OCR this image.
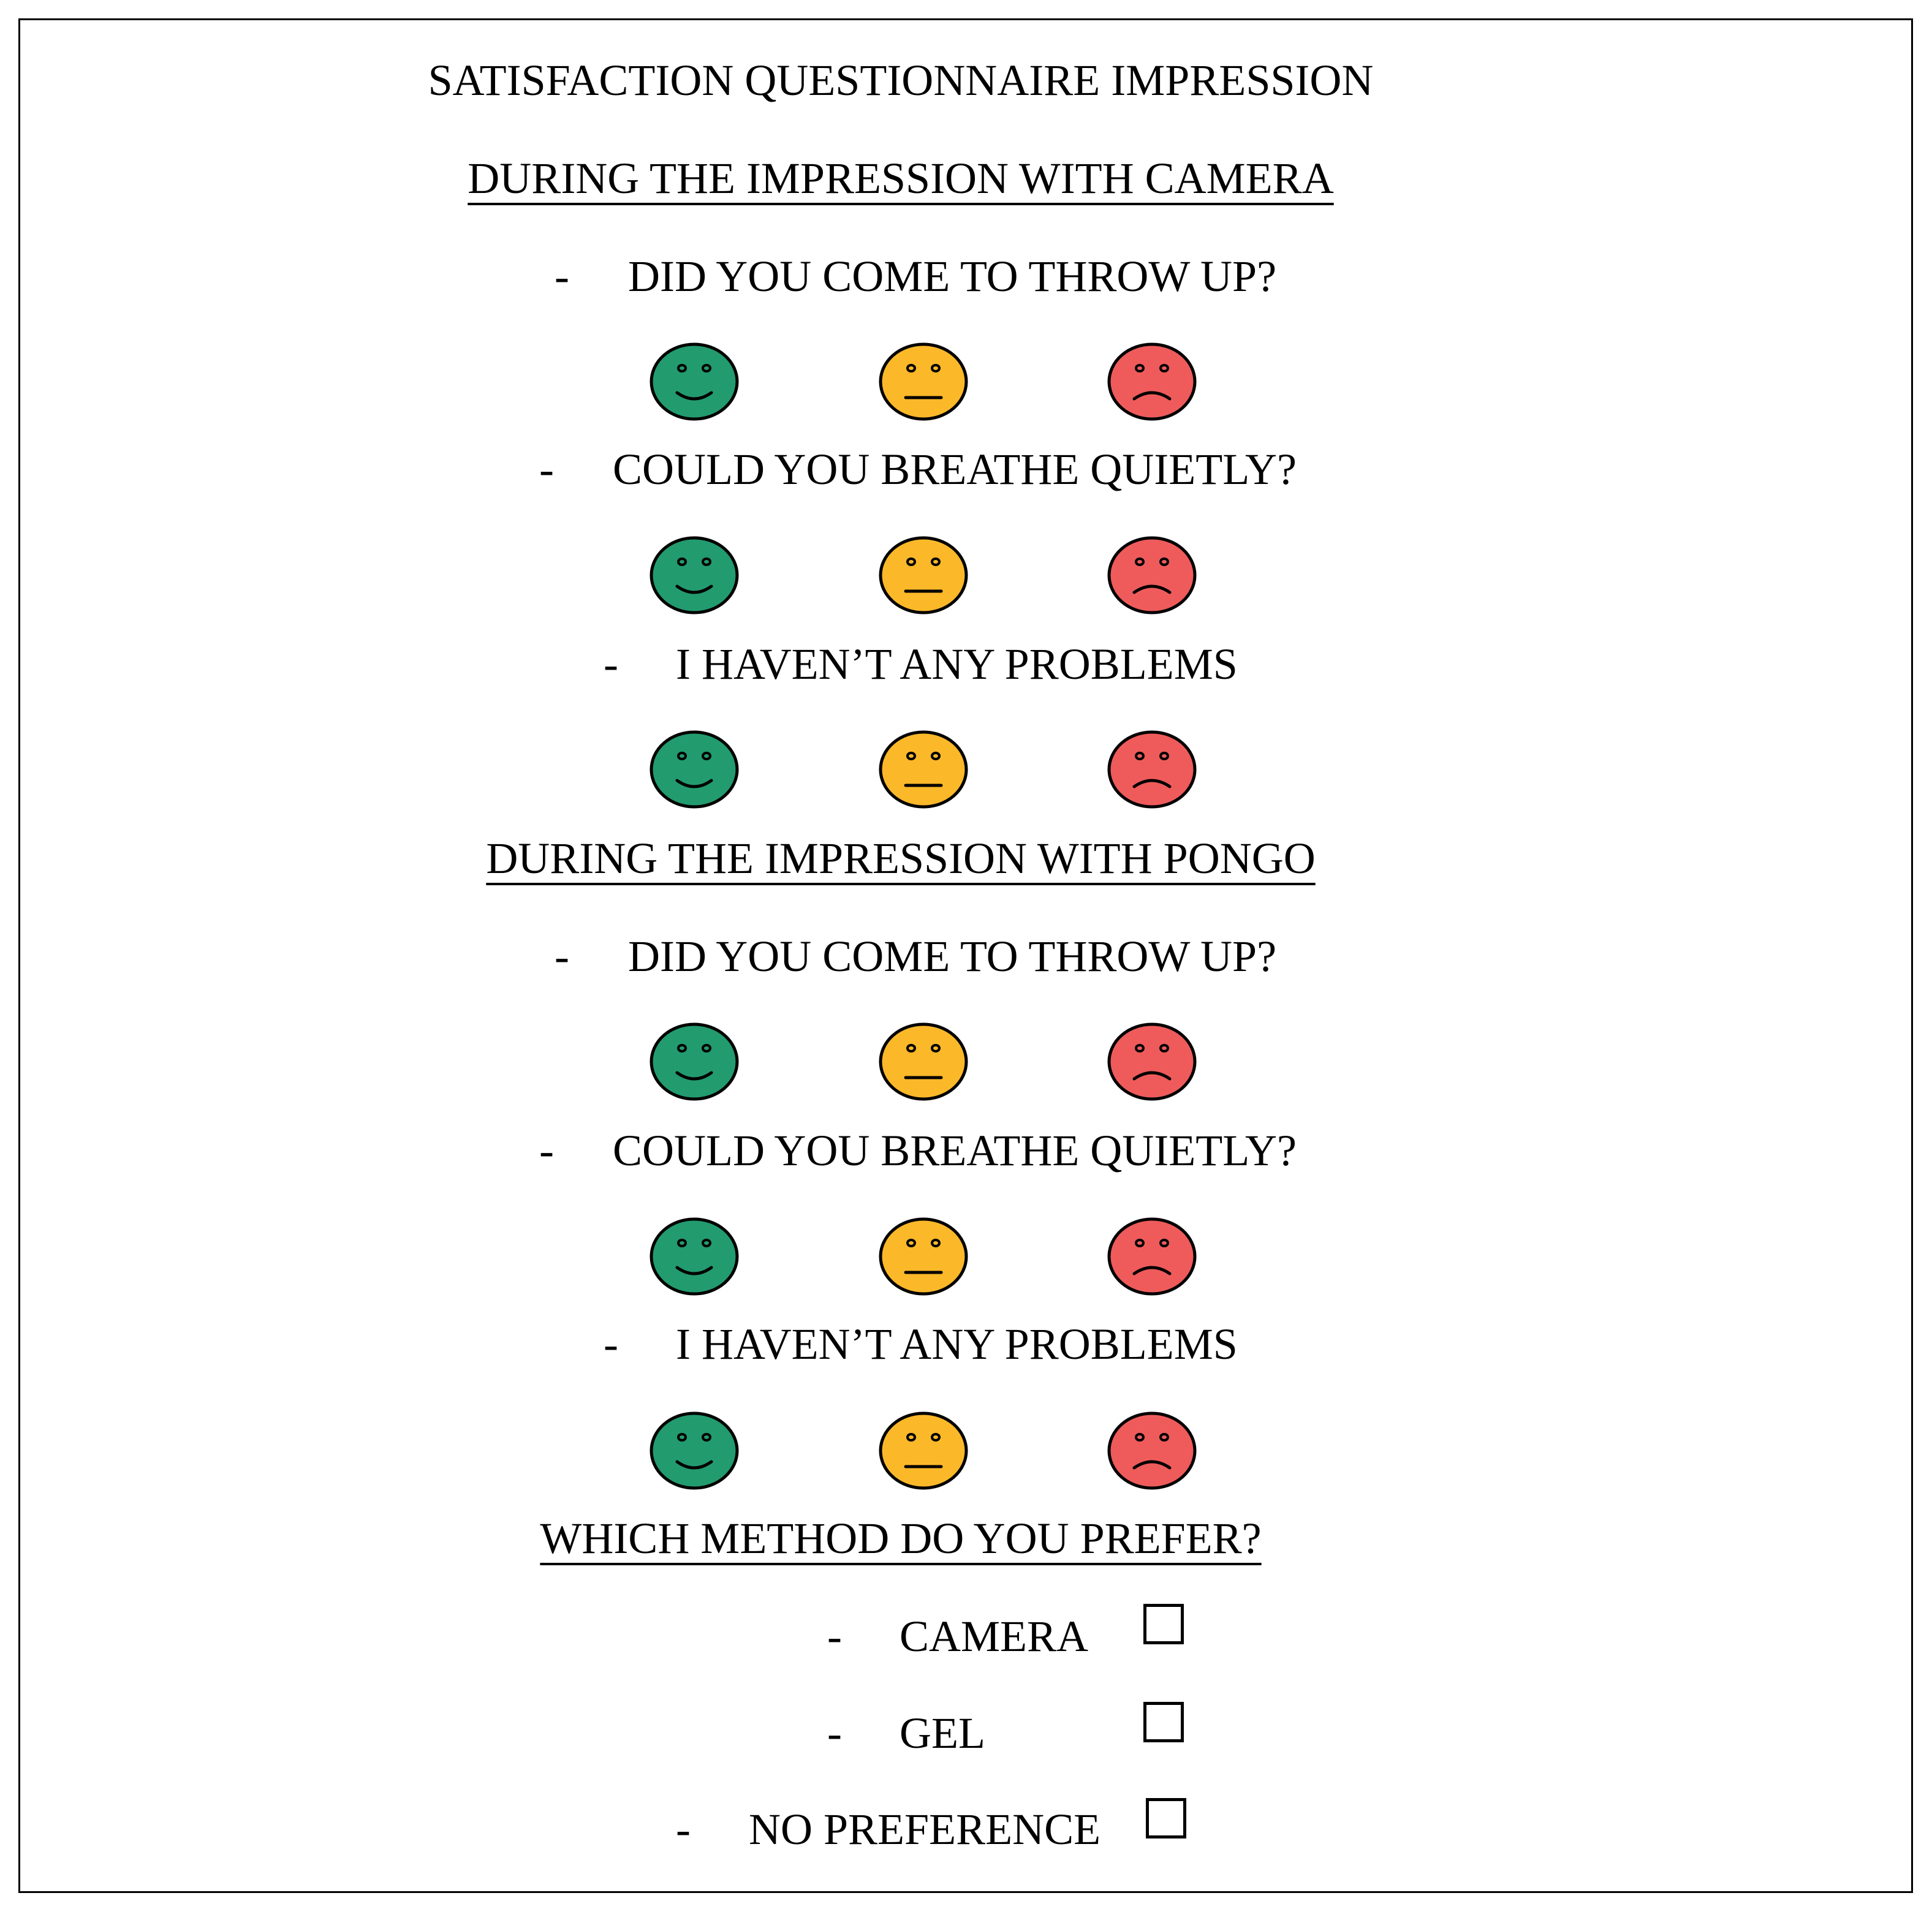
SATISFACTION QUESTIONNAIRE IMPRESSION
DURING THE IMPRESSION WITH CAMERA
- DID YOU COME TO THROW UP?
- COULD YOU BREATHE QUIETLY?
- I HAVEN’T ANY PROBLEMS
DURING THE IMPRESSION WITH PONGO
- DID YOU COME TO THROW UP?
- COULD YOU BREATHE QUIETLY?
- I HAVEN’T ANY PROBLEMS
WHICH METHOD DO YOU PREFER?
- CAMERA
- GEL
- NO PREFERENCE
